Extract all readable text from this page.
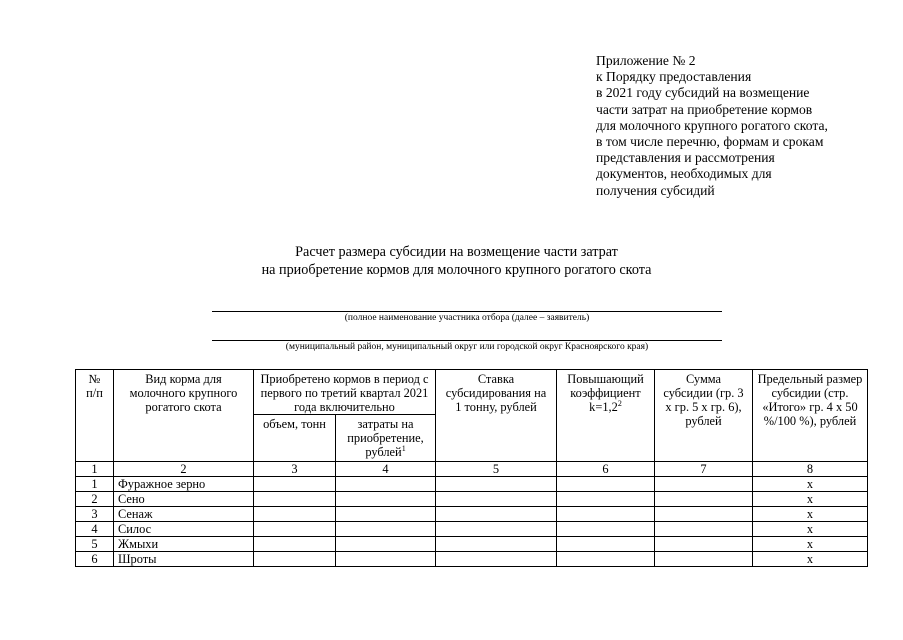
Приложение № 2
к Порядку предоставления
в 2021 году субсидий на возмещение
части затрат на приобретение кормов
для молочного крупного рогатого скота,
в том числе перечню, формам и срокам
представления и рассмотрения
документов, необходимых для
получения субсидий
Расчет размера субсидии на возмещение части затрат
на приобретение кормов для молочного крупного рогатого скота
(полное наименование участника отбора (далее – заявитель)
(муниципальный район, муниципальный округ или городской округ Красноярского края)
№ п/п	Вид корма для молочного крупного рогатого скота	Приобретено кормов в период с первого по третий квартал 2021 года включительно		Ставка субсидирования на 1 тонну, рублей	Повышающий коэффициент $k=1,2^2$	Сумма субсидии (гр. 3 х гр. 5 х гр. 6), рублей	Предельный размер субсидии (стр. «Итого» гр. 4 х 50 %/100 %), рублей
		объем, тонн	затраты на приобретение, рублей$^1$
1	2	3	4	5	6	7	8
1	Фуражное зерно						x
2	Сено						x
3	Сенаж						x
4	Силос						x
5	Жмыхи						x
6	Шроты						x
